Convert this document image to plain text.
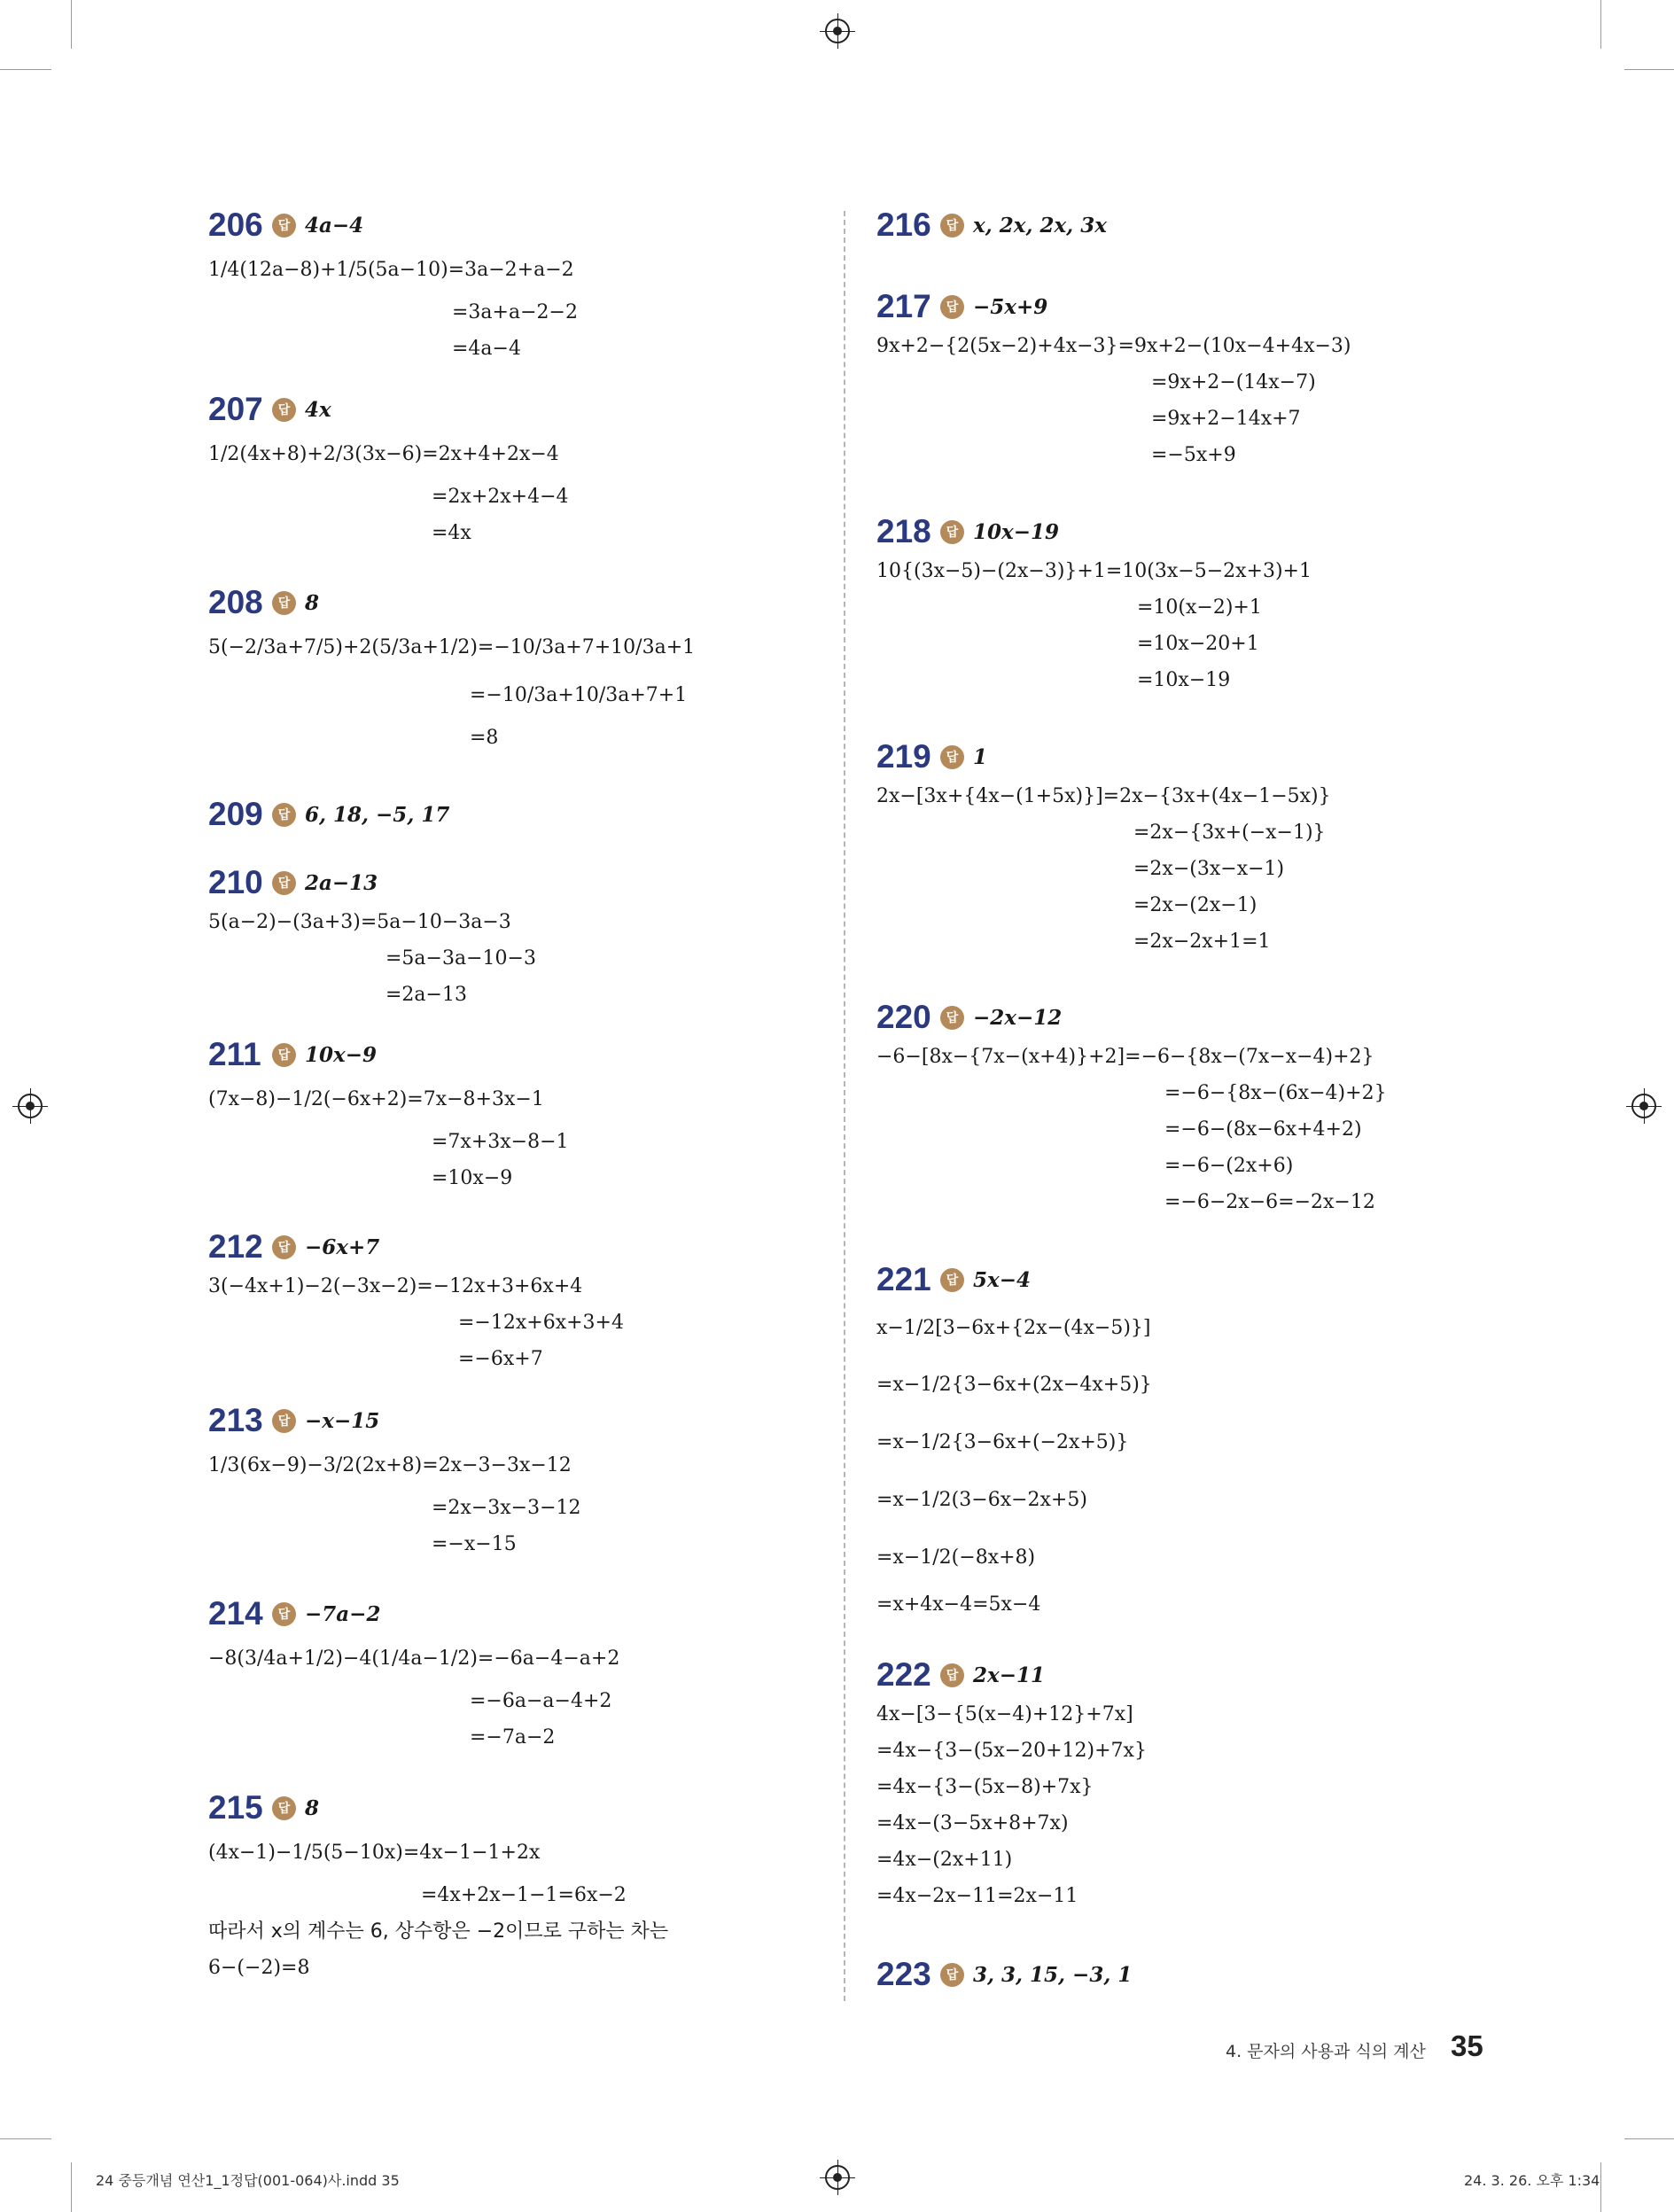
206	답 4a−4
1/4(12a−8)+1/5(5a−10)=3a−2+a−2
=3a+a−2−2
=4a−4
207	답 4x
1/2(4x+8)+2/3(3x−6)=2x+4+2x−4
=2x+2x+4−4
=4x
208	답 8
5(−2/3a+7/5)+2(5/3a+1/2)=−10/3a+7+10/3a+1
=−10/3a+10/3a+7+1
=8
209	답 6, 18, −5, 17
210	답 2a−13
5(a−2)−(3a+3)=5a−10−3a−3
=5a−3a−10−3
=2a−13
211	답 10x−9
(7x−8)−1/2(−6x+2)=7x−8+3x−1
=7x+3x−8−1
=10x−9
212	답 −6x+7
3(−4x+1)−2(−3x−2)=−12x+3+6x+4
=−12x+6x+3+4
=−6x+7
213	답 −x−15
1/3(6x−9)−3/2(2x+8)=2x−3−3x−12
=2x−3x−3−12
=−x−15
214	답 −7a−2
−8(3/4a+1/2)−4(1/4a−1/2)=−6a−4−a+2
=−6a−a−4+2
=−7a−2
215	답 8
(4x−1)−1/5(5−10x)=4x−1−1+2x
=4x+2x−1−1=6x−2
따라서 x의 계수는 6, 상수항은 −2이므로 구하는 차는
6−(−2)=8
216	답 x, 2x, 2x, 3x
217	답 −5x+9
9x+2−{2(5x−2)+4x−3}=9x+2−(10x−4+4x−3)
=9x+2−(14x−7)
=9x+2−14x+7
=−5x+9
218	답 10x−19
10{(3x−5)−(2x−3)}+1=10(3x−5−2x+3)+1
=10(x−2)+1
=10x−20+1
=10x−19
219	답 1
2x−[3x+{4x−(1+5x)}]=2x−{3x+(4x−1−5x)}
=2x−{3x+(−x−1)}
=2x−(3x−x−1)
=2x−(2x−1)
=2x−2x+1=1
220	답 −2x−12
−6−[8x−{7x−(x+4)}+2]=−6−{8x−(7x−x−4)+2}
=−6−{8x−(6x−4)+2}
=−6−(8x−6x+4+2)
=−6−(2x+6)
=−6−2x−6=−2x−12
221	답 5x−4
x−1/2[3−6x+{2x−(4x−5)}]
=x−1/2{3−6x+(2x−4x+5)}
=x−1/2{3−6x+(−2x+5)}
=x−1/2(3−6x−2x+5)
=x−1/2(−8x+8)
=x+4x−4=5x−4
222	답 2x−11
4x−[3−{5(x−4)+12}+7x]
=4x−{3−(5x−20+12)+7x}
=4x−{3−(5x−8)+7x}
=4x−(3−5x+8+7x)
=4x−(2x+11)
=4x−2x−11=2x−11
223	답 3, 3, 15, −3, 1
4. 문자의 사용과 식의 계산 35
24 중등개념 연산1_1정답(001-064)사.indd 35	24. 3. 26. 오후 1:34
